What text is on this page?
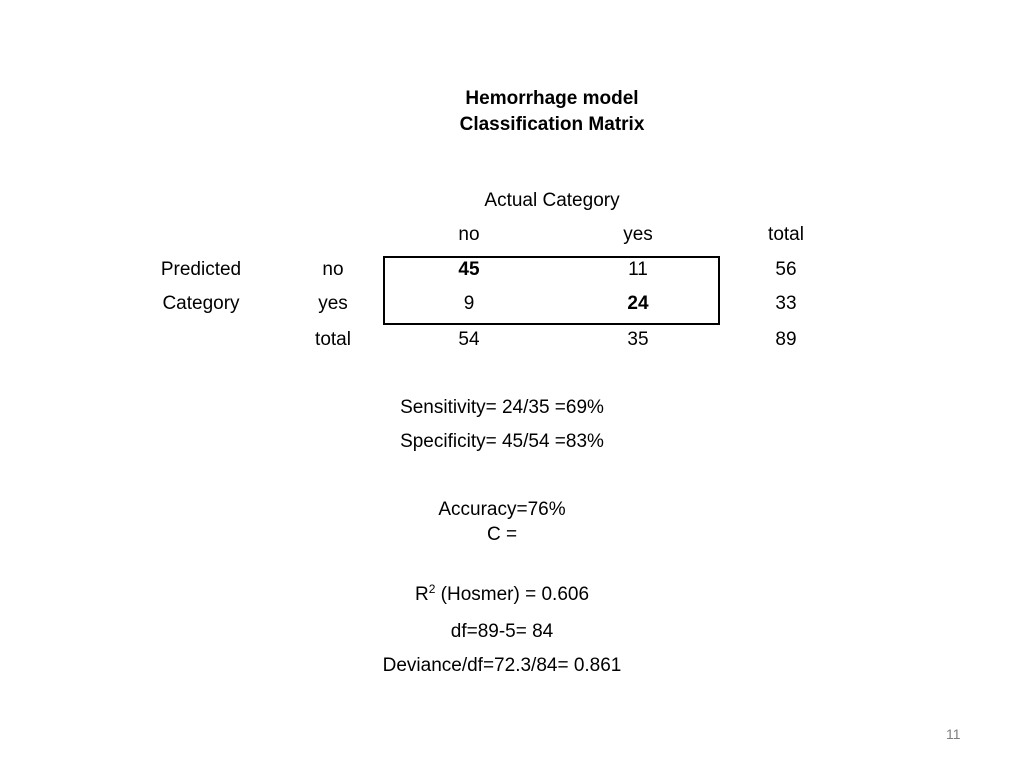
Hemorrhage model
Classification Matrix
Actual Category
no	yes	total
Predicted
Category
no	45	11	56
yes	9	24	33
total	54	35	89
Sensitivity= 24/35 =69%
Specificity= 45/54 =83%
Accuracy=76%
C =
$R^2$ (Hosmer) = 0.606
df=89-5= 84
Deviance/df=72.3/84= 0.861
11
